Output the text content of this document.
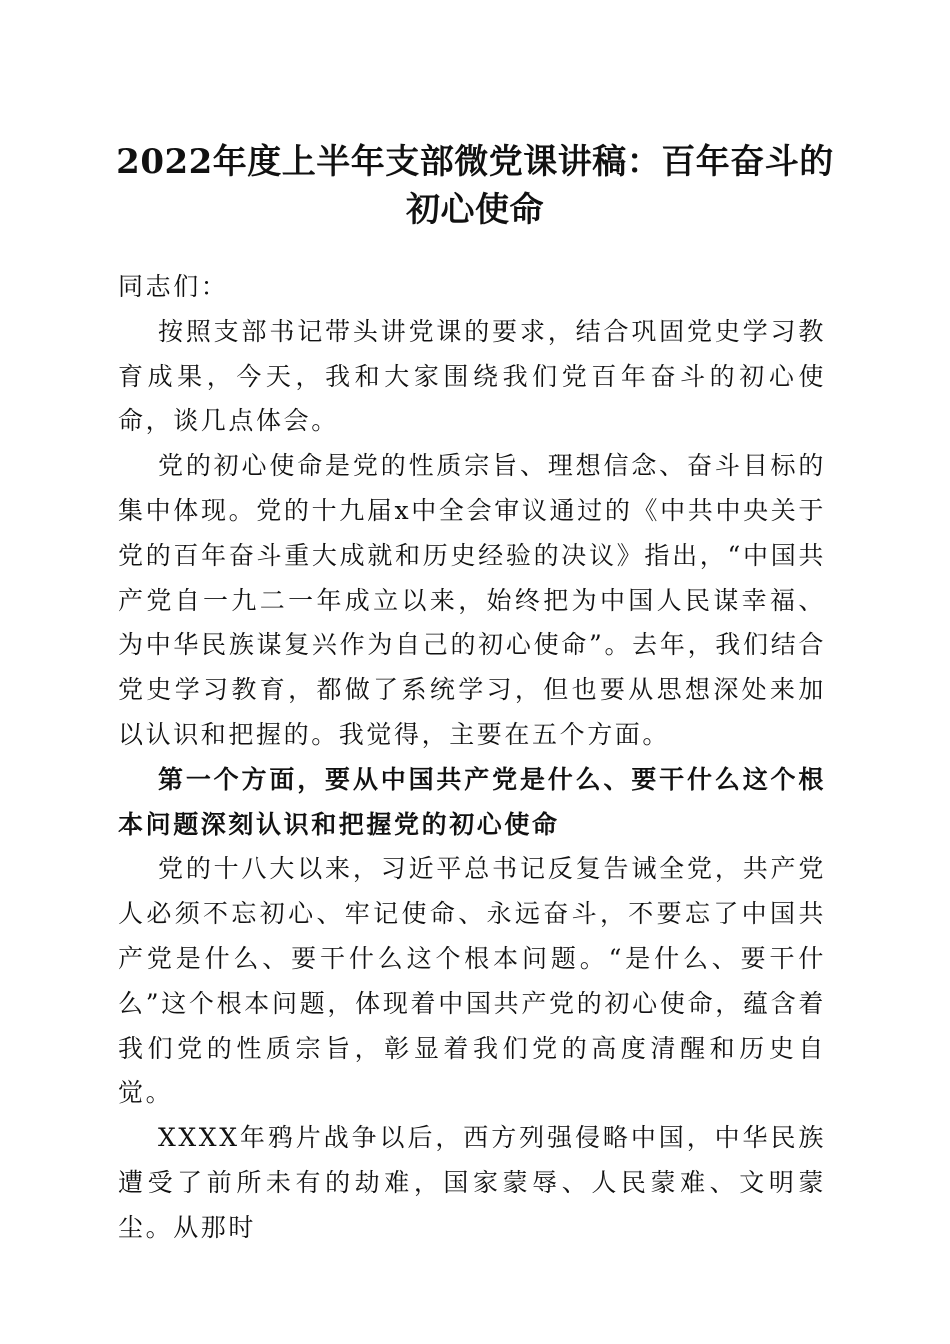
2022年度上半年支部微党课讲稿：百年奋斗的初心使命

同志们：

按照支部书记带头讲党课的要求，结合巩固党史学习教育成果，今天，我和大家围绕我们党百年奋斗的初心使命，谈几点体会。

党的初心使命是党的性质宗旨、理想信念、奋斗目标的集中体现。党的十九届x中全会审议通过的《中共中央关于党的百年奋斗重大成就和历史经验的决议》指出，“中国共产党自一九二一年成立以来，始终把为中国人民谋幸福、为中华民族谋复兴作为自己的初心使命”。去年，我们结合党史学习教育，都做了系统学习，但也要从思想深处来加以认识和把握的。我觉得，主要在五个方面。

第一个方面，要从中国共产党是什么、要干什么这个根本问题深刻认识和把握党的初心使命

党的十八大以来，习近平总书记反复告诫全党，共产党人必须不忘初心、牢记使命、永远奋斗，不要忘了中国共产党是什么、要干什么这个根本问题。“是什么、要干什么”这个根本问题，体现着中国共产党的初心使命，蕴含着我们党的性质宗旨，彰显着我们党的高度清醒和历史自觉。

XXXX年鸦片战争以后，西方列强侵略中国，中华民族遭受了前所未有的劫难，国家蒙辱、人民蒙难、文明蒙尘。从那时
